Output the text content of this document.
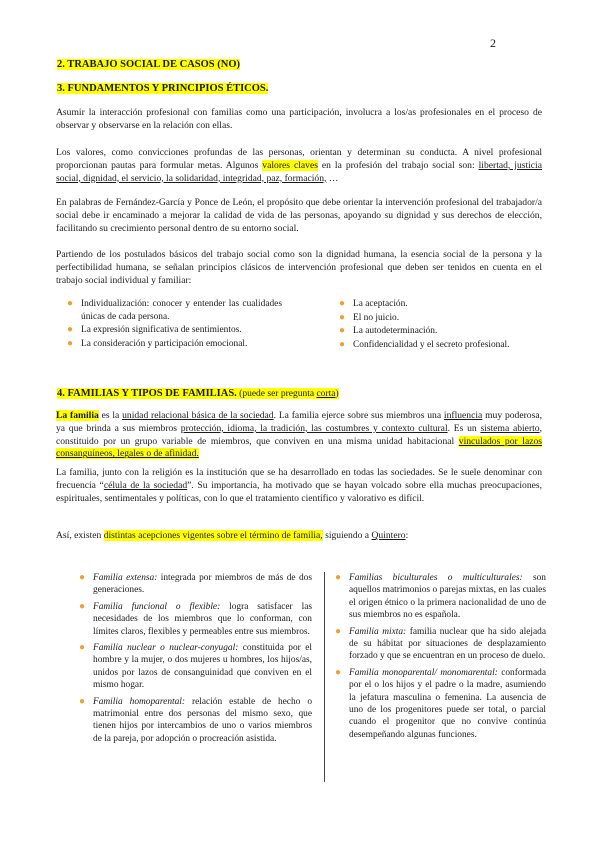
2
2. TRABAJO SOCIAL DE CASOS (NO)
3. FUNDAMENTOS Y PRINCIPIOS ÉTICOS.

Asumir la interacción profesional con familias como una participación, involucra a los/as profesionales en el proceso de observar y observarse en la relación con ellas.

Los valores, como convicciones profundas de las personas, orientan y determinan su conducta. A nivel profesional proporcionan pautas para formular metas. Algunos valores claves en la profesión del trabajo social son: libertad, justicia social, dignidad, el servicio, la solidaridad, integridad, paz, formación, …

En palabras de Fernández-García y Ponce de León, el propósito que debe orientar la intervención profesional del trabajador/a social debe ir encaminado a mejorar la calidad de vida de las personas, apoyando su dignidad y sus derechos de elección, facilitando su crecimiento personal dentro de su entorno social.

Partiendo de los postulados básicos del trabajo social como son la dignidad humana, la esencia social de la persona y la perfectibilidad humana, se señalan principios clásicos de intervención profesional que deben ser tenidos en cuenta en el trabajo social individual y familiar:

● Individualización: conocer y entender las cualidades únicas de cada persona.
● La expresión significativa de sentimientos.
● La consideración y participación emocional.
● La aceptación.
● El no juicio.
● La autodeterminación.
● Confidencialidad y el secreto profesional.
4. FAMILIAS Y TIPOS DE FAMILIAS. (puede ser pregunta corta)

La familia es la unidad relacional básica de la sociedad. La familia ejerce sobre sus miembros una influencia muy poderosa, ya que brinda a sus miembros protección, idioma, la tradición, las costumbres y contexto cultural. Es un sistema abierto, constituido por un grupo variable de miembros, que conviven en una misma unidad habitacional vinculados por lazos consanguíneos, legales o de afinidad.

La familia, junto con la religión es la institución que se ha desarrollado en todas las sociedades. Se le suele denominar con frecuencia “célula de la sociedad”. Su importancia, ha motivado que se hayan volcado sobre ella muchas preocupaciones, espirituales, sentimentales y políticas, con lo que el tratamiento científico y valorativo es difícil.

Así, existen distintas acepciones vigentes sobre el término de familia, siguiendo a Quintero:

● Familia extensa: integrada por miembros de más de dos generaciones.
● Familia funcional o flexible: logra satisfacer las necesidades de los miembros que lo conforman, con límites claros, flexibles y permeables entre sus miembros.
● Familia nuclear o nuclear-conyugal: constituida por el hombre y la mujer, o dos mujeres u hombres, los hijos/as, unidos por lazos de consanguinidad que conviven en el mismo hogar.
● Familia homoparental: relación estable de hecho o matrimonial entre dos personas del mismo sexo, que tienen hijos por intercambios de uno o varios miembros de la pareja, por adopción o procreación asistida.
● Familias biculturales o multiculturales: son aquellos matrimonios o parejas mixtas, en las cuales el origen étnico o la primera nacionalidad de uno de sus miembros no es española.
● Familia mixta: familia nuclear que ha sido alejada de su hábitat por situaciones de desplazamiento forzado y que se encuentran en un proceso de duelo.
● Familia monoparental/ monomarental: conformada por el o los hijos y el padre o la madre, asumiendo la jefatura masculina o femenina. La ausencia de uno de los progenitores puede ser total, o parcial cuando el progenitor que no convive continúa desempeñando algunas funciones.
